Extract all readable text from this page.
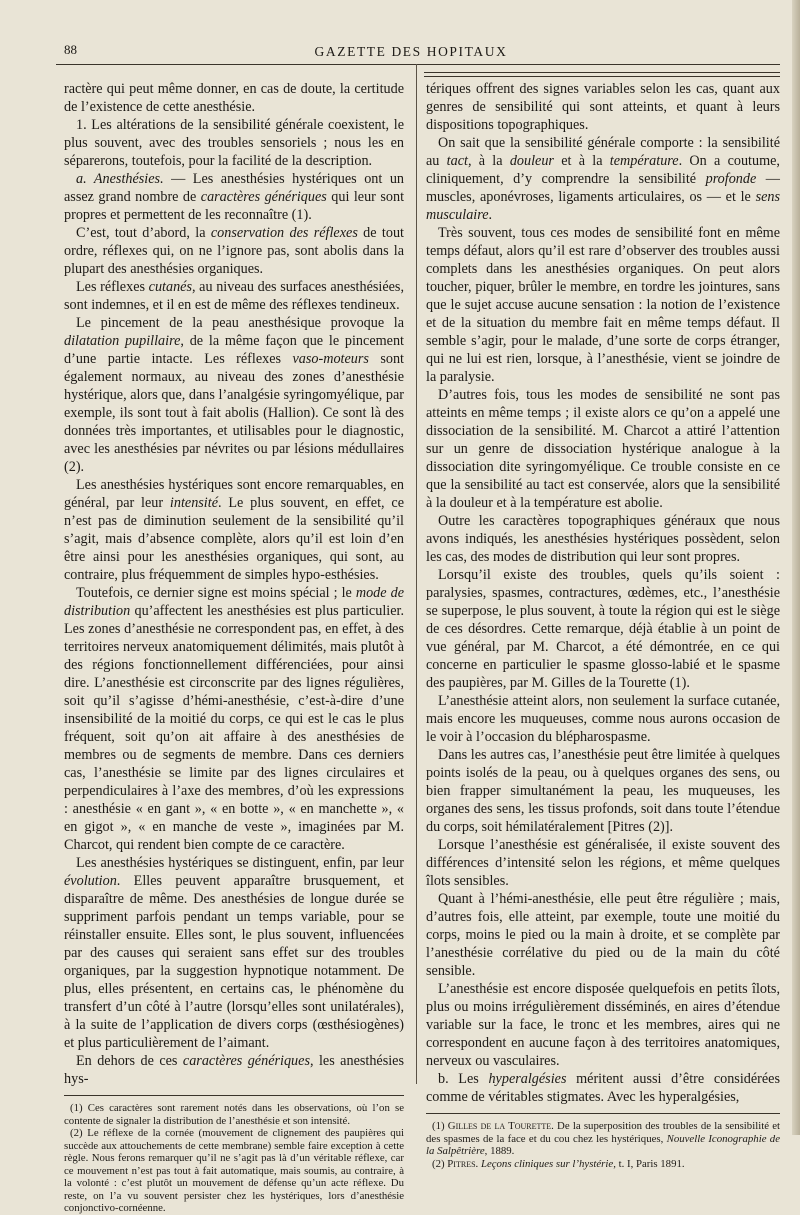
88	GAZETTE DES HOPITAUX

ractère qui peut même donner, en cas de doute, la certitude de l’existence de cette anesthésie.

1. Les altérations de la sensibilité générale coexistent, le plus souvent, avec des troubles sensoriels ; nous les en séparerons, toutefois, pour la facilité de la description.

a. Anesthésies. — Les anesthésies hystériques ont un assez grand nombre de caractères génériques qui leur sont propres et permettent de les reconnaître (1).

C’est, tout d’abord, la conservation des réflexes de tout ordre, réflexes qui, on ne l’ignore pas, sont abolis dans la plupart des anesthésies organiques.

Les réflexes cutanés, au niveau des surfaces anesthésiées, sont indemnes, et il en est de même des réflexes tendineux.

Le pincement de la peau anesthésique provoque la dilatation pupillaire, de la même façon que le pincement d’une partie intacte. Les réflexes vaso-moteurs sont également normaux, au niveau des zones d’anesthésie hystérique, alors que, dans l’analgésie syringomyélique, par exemple, ils sont tout à fait abolis (Hallion). Ce sont là des données très importantes, et utilisables pour le diagnostic, avec les anesthésies par névrites ou par lésions médullaires (2).

Les anesthésies hystériques sont encore remarquables, en général, par leur intensité. Le plus souvent, en effet, ce n’est pas de diminution seulement de la sensibilité qu’il s’agit, mais d’absence complète, alors qu’il est loin d’en être ainsi pour les anesthésies organiques, qui sont, au contraire, plus fréquemment de simples hypo-esthésies.

Toutefois, ce dernier signe est moins spécial ; le mode de distribution qu’affectent les anesthésies est plus particulier. Les zones d’anesthésie ne correspondent pas, en effet, à des territoires nerveux anatomiquement délimités, mais plutôt à des régions fonctionnellement différenciées, pour ainsi dire. L’anesthésie est circonscrite par des lignes régulières, soit qu’il s’agisse d’hémi-anesthésie, c’est-à-dire d’une insensibilité de la moitié du corps, ce qui est le cas le plus fréquent, soit qu’on ait affaire à des anesthésies de membres ou de segments de membre. Dans ces derniers cas, l’anesthésie se limite par des lignes circulaires et perpendiculaires à l’axe des membres, d’où les expressions : anesthésie « en gant », « en botte », « en manchette », « en gigot », « en manche de veste », imaginées par M. Charcot, qui rendent bien compte de ce caractère.

Les anesthésies hystériques se distinguent, enfin, par leur évolution. Elles peuvent apparaître brusquement, et disparaître de même. Des anesthésies de longue durée se suppriment parfois pendant un temps variable, pour se réinstaller ensuite. Elles sont, le plus souvent, influencées par des causes qui seraient sans effet sur des troubles organiques, par la suggestion hypnotique notamment. De plus, elles présentent, en certains cas, le phénomène du transfert d’un côté à l’autre (lorsqu’elles sont unilatérales), à la suite de l’application de divers corps (œsthésiogènes) et plus particulièrement de l’aimant.

En dehors de ces caractères génériques, les anesthésies hys-

(1) Ces caractères sont rarement notés dans les observations, où l’on se contente de signaler la distribution de l’anesthésie et son intensité.

(2) Le réflexe de la cornée (mouvement de clignement des paupières qui succède aux attouchements de cette membrane) semble faire exception à cette règle. Nous ferons remarquer qu’il ne s’agit pas là d’un véritable réflexe, car ce mouvement n’est pas tout à fait automatique, mais soumis, au contraire, à la volonté : c’est plutôt un mouvement de défense qu’un acte réflexe. Du reste, on l’a vu souvent persister chez les hystériques, lors d’anesthésie conjonctivo-cornéenne.

tériques offrent des signes variables selon les cas, quant aux genres de sensibilité qui sont atteints, et quant à leurs dispositions topographiques.

On sait que la sensibilité générale comporte : la sensibilité au tact, à la douleur et à la température. On a coutume, cliniquement, d’y comprendre la sensibilité profonde — muscles, aponévroses, ligaments articulaires, os — et le sens musculaire.

Très souvent, tous ces modes de sensibilité font en même temps défaut, alors qu’il est rare d’observer des troubles aussi complets dans les anesthésies organiques. On peut alors toucher, piquer, brûler le membre, en tordre les jointures, sans que le sujet accuse aucune sensation : la notion de l’existence et de la situation du membre fait en même temps défaut. Il semble s’agir, pour le malade, d’une sorte de corps étranger, qui ne lui est rien, lorsque, à l’anesthésie, vient se joindre de la paralysie.

D’autres fois, tous les modes de sensibilité ne sont pas atteints en même temps ; il existe alors ce qu’on a appelé une dissociation de la sensibilité. M. Charcot a attiré l’attention sur un genre de dissociation hystérique analogue à la dissociation dite syringomyélique. Ce trouble consiste en ce que la sensibilité au tact est conservée, alors que la sensibilité à la douleur et à la température est abolie.

Outre les caractères topographiques généraux que nous avons indiqués, les anesthésies hystériques possèdent, selon les cas, des modes de distribution qui leur sont propres.

Lorsqu’il existe des troubles, quels qu’ils soient : paralysies, spasmes, contractures, œdèmes, etc., l’anesthésie se superpose, le plus souvent, à toute la région qui est le siège de ces désordres. Cette remarque, déjà établie à un point de vue général, par M. Charcot, a été démontrée, en ce qui concerne en particulier le spasme glosso-labié et le spasme des paupières, par M. Gilles de la Tourette (1).

L’anesthésie atteint alors, non seulement la surface cutanée, mais encore les muqueuses, comme nous aurons occasion de le voir à l’occasion du blépharospasme.

Dans les autres cas, l’anesthésie peut être limitée à quelques points isolés de la peau, ou à quelques organes des sens, ou bien frapper simultanément la peau, les muqueuses, les organes des sens, les tissus profonds, soit dans toute l’étendue du corps, soit hémilatéralement [Pitres (2)].

Lorsque l’anesthésie est généralisée, il existe souvent des différences d’intensité selon les régions, et même quelques îlots sensibles.

Quant à l’hémi-anesthésie, elle peut être régulière ; mais, d’autres fois, elle atteint, par exemple, toute une moitié du corps, moins le pied ou la main à droite, et se complète par l’anesthésie corrélative du pied ou de la main du côté sensible.

L’anesthésie est encore disposée quelquefois en petits îlots, plus ou moins irrégulièrement disséminés, en aires d’étendue variable sur la face, le tronc et les membres, aires qui ne correspondent en aucune façon à des territoires anatomiques, nerveux ou vasculaires.

b. Les hyperalgésies méritent aussi d’être considérées comme de véritables stigmates. Avec les hyperalgésies,

(1) Gilles de la Tourette. De la superposition des troubles de la sensibilité et des spasmes de la face et du cou chez les hystériques, Nouvelle Iconographie de la Salpêtrière, 1889.

(2) Pitres. Leçons cliniques sur l’hystérie, t. I, Paris 1891.
